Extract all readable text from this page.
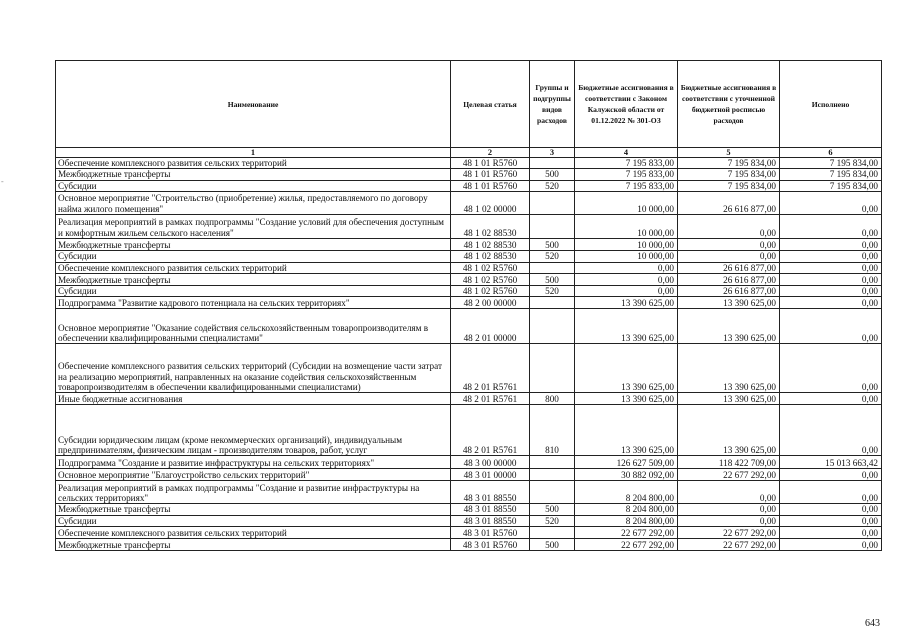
-
Наименование	Целевая статья	Группы и подгруппы видов расходов	Бюджетные ассигнования в соответствии с Законом Калужской области от 01.12.2022 № 301-ОЗ	Бюджетные ассигнования в соответствии с уточненной бюджетной росписью расходов	Исполнено
1	2	3	4	5	6
Обеспечение комплексного развития сельских территорий	48 1 01 R5760		7 195 833,00	7 195 834,00	7 195 834,00
Межбюджетные трансферты	48 1 01 R5760	500	7 195 833,00	7 195 834,00	7 195 834,00
Субсидии	48 1 01 R5760	520	7 195 833,00	7 195 834,00	7 195 834,00
Основное мероприятие "Строительство (приобретение) жилья, предоставляемого по договору найма жилого помещения"	48 1 02 00000		10 000,00	26 616 877,00	0,00
Реализация мероприятий в рамках подпрограммы "Создание условий для обеспечения доступным и комфортным жильем сельского населения"	48 1 02 88530		10 000,00	0,00	0,00
Межбюджетные трансферты	48 1 02 88530	500	10 000,00	0,00	0,00
Субсидии	48 1 02 88530	520	10 000,00	0,00	0,00
Обеспечение комплексного развития сельских территорий	48 1 02 R5760		0,00	26 616 877,00	0,00
Межбюджетные трансферты	48 1 02 R5760	500	0,00	26 616 877,00	0,00
Субсидии	48 1 02 R5760	520	0,00	26 616 877,00	0,00
Подпрограмма "Развитие кадрового потенциала на сельских территориях"	48 2 00 00000		13 390 625,00	13 390 625,00	0,00
Основное мероприятие "Оказание содействия сельскохозяйственным товаропроизводителям в обеспечении квалифицированными специалистами"	48 2 01 00000		13 390 625,00	13 390 625,00	0,00
Обеспечение комплексного развития сельских территорий (Субсидии на возмещение части затрат на реализацию мероприятий, направленных на оказание содействия сельскохозяйственным товаропроизводителям в обеспечении квалифицированными специалистами)	48 2 01 R5761		13 390 625,00	13 390 625,00	0,00
Иные бюджетные ассигнования	48 2 01 R5761	800	13 390 625,00	13 390 625,00	0,00
Субсидии юридическим лицам (кроме некоммерческих организаций), индивидуальным предпринимателям, физическим лицам - производителям товаров, работ, услуг	48 2 01 R5761	810	13 390 625,00	13 390 625,00	0,00
Подпрограмма "Создание и развитие инфраструктуры на сельских территориях"	48 3 00 00000		126 627 509,00	118 422 709,00	15 013 663,42
Основное мероприятие "Благоустройство сельских территорий"	48 3 01 00000		30 882 092,00	22 677 292,00	0,00
Реализация мероприятий в рамках подпрограммы "Создание и развитие инфраструктуры на сельских территориях"	48 3 01 88550		8 204 800,00	0,00	0,00
Межбюджетные трансферты	48 3 01 88550	500	8 204 800,00	0,00	0,00
Субсидии	48 3 01 88550	520	8 204 800,00	0,00	0,00
Обеспечение комплексного развития сельских территорий	48 3 01 R5760		22 677 292,00	22 677 292,00	0,00
Межбюджетные трансферты	48 3 01 R5760	500	22 677 292,00	22 677 292,00	0,00
643
